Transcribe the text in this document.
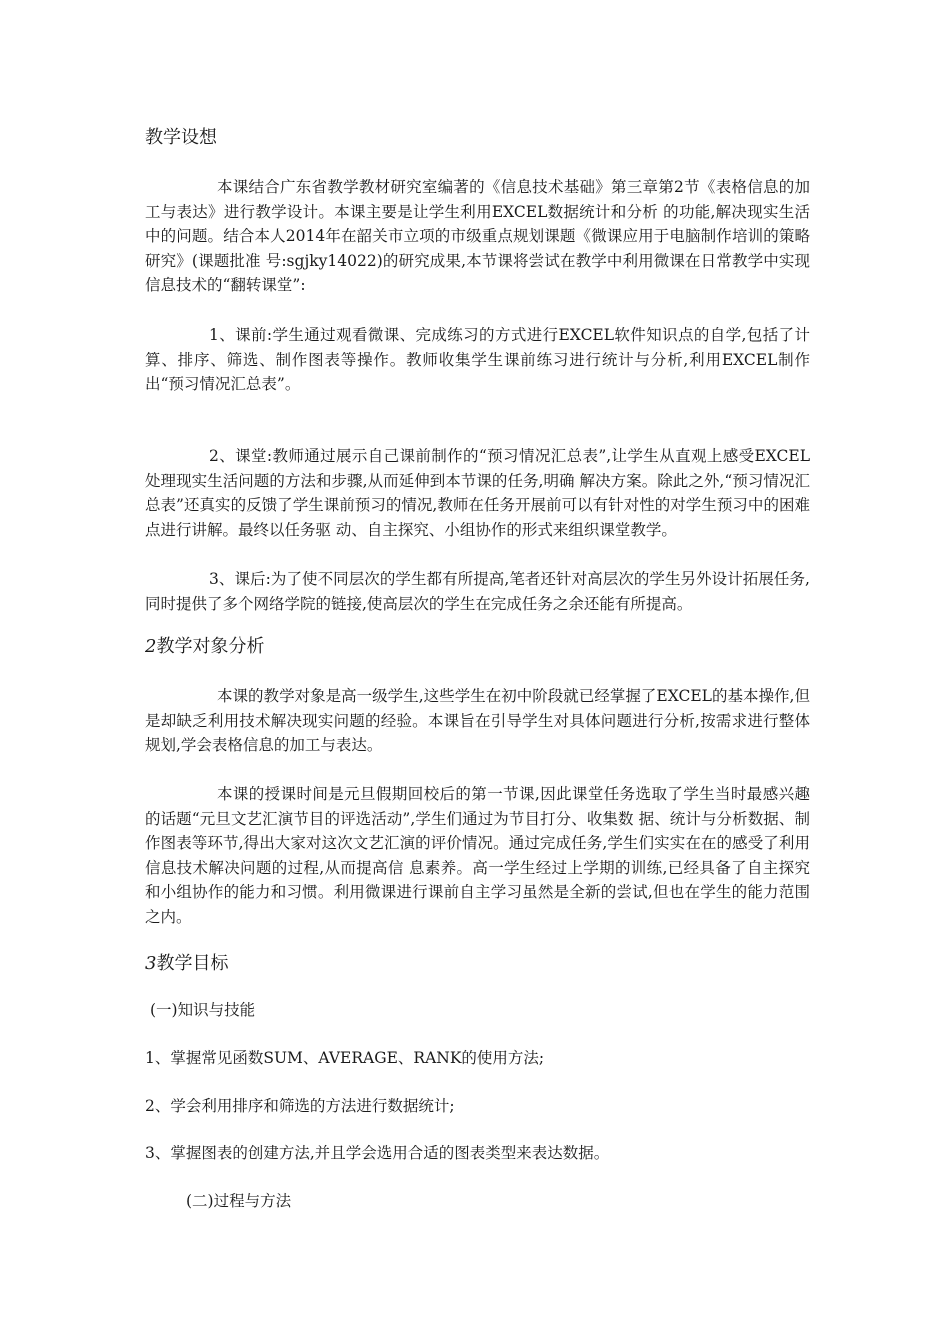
教学设想
本课结合广东省教学教材研究室编著的《信息技术基础》第三章第2节《表格信息的加工与表达》进行教学设计。本课主要是让学生利用EXCEL数据统计和分析 的功能,解决现实生活中的问题。结合本人2014年在韶关市立项的市级重点规划课题《微课应用于电脑制作培训的策略研究》(课题批准 号:sgjky14022)的研究成果,本节课将尝试在教学中利用微课在日常教学中实现信息技术的“翻转课堂”:
1、课前:学生通过观看微课、完成练习的方式进行EXCEL软件知识点的自学,包括了计算、排序、筛选、制作图表等操作。教师收集学生课前练习进行统计与分析,利用EXCEL制作出“预习情况汇总表”。
2、课堂:教师通过展示自己课前制作的“预习情况汇总表”,让学生从直观上感受EXCEL处理现实生活问题的方法和步骤,从而延伸到本节课的任务,明确 解决方案。除此之外,“预习情况汇总表”还真实的反馈了学生课前预习的情况,教师在任务开展前可以有针对性的对学生预习中的困难点进行讲解。最终以任务驱 动、自主探究、小组协作的形式来组织课堂教学。
3、课后:为了使不同层次的学生都有所提高,笔者还针对高层次的学生另外设计拓展任务,同时提供了多个网络学院的链接,使高层次的学生在完成任务之余还能有所提高。
2教学对象分析
本课的教学对象是高一级学生,这些学生在初中阶段就已经掌握了EXCEL的基本操作,但是却缺乏利用技术解决现实问题的经验。本课旨在引导学生对具体问题进行分析,按需求进行整体规划,学会表格信息的加工与表达。
本课的授课时间是元旦假期回校后的第一节课,因此课堂任务选取了学生当时最感兴趣的话题“元旦文艺汇演节目的评选活动”,学生们通过为节目打分、收集数 据、统计与分析数据、制作图表等环节,得出大家对这次文艺汇演的评价情况。通过完成任务,学生们实实在在的感受了利用信息技术解决问题的过程,从而提高信 息素养。高一学生经过上学期的训练,已经具备了自主探究和小组协作的能力和习惯。利用微课进行课前自主学习虽然是全新的尝试,但也在学生的能力范围之内。
3教学目标
(一)知识与技能
1、掌握常见函数SUM、AVERAGE、RANK的使用方法;
2、学会利用排序和筛选的方法进行数据统计;
3、掌握图表的创建方法,并且学会选用合适的图表类型来表达数据。
(二)过程与方法
